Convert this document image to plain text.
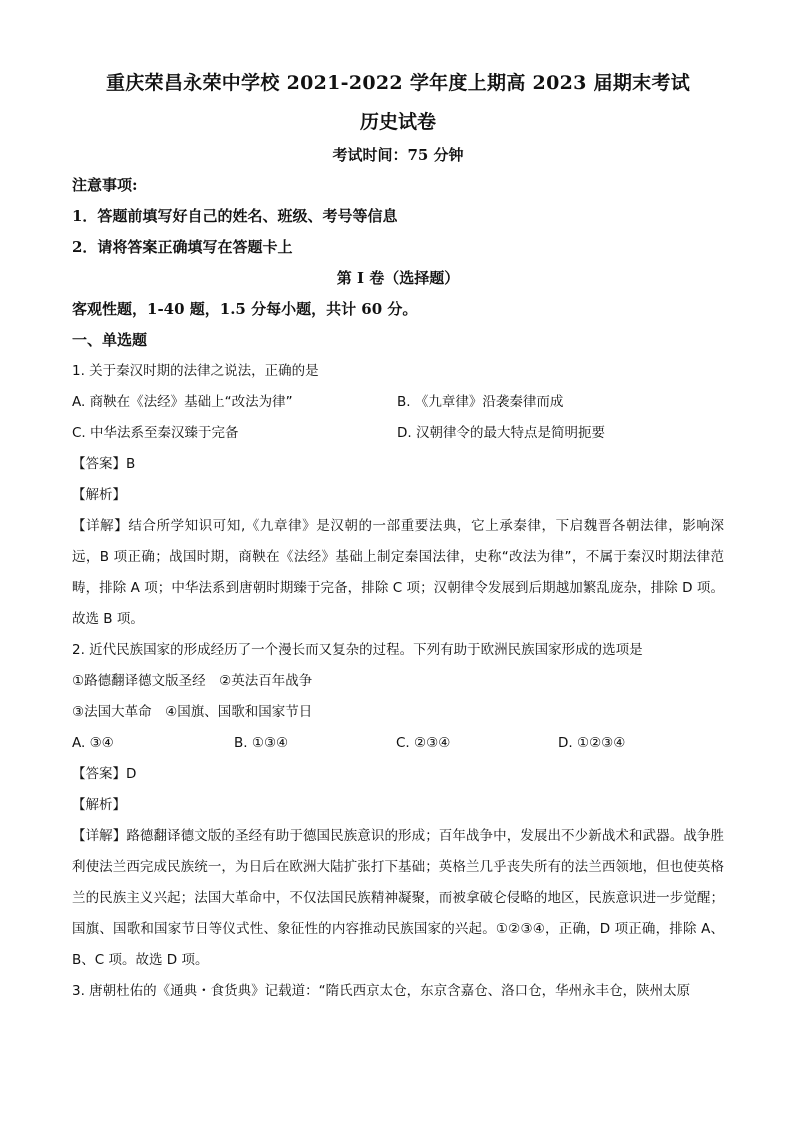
重庆荣昌永荣中学校 2021-2022 学年度上期高 2023 届期末考试
历史试卷

考试时间：75 分钟

注意事项:

1．答题前填写好自己的姓名、班级、考号等信息

2．请将答案正确填写在答题卡上

第 I 卷（选择题）

客观性题，1-40 题，1.5 分每小题，共计 60 分。

一、单选题

1. 关于秦汉时期的法律之说法，正确的是

A. 商鞅在《法经》基础上“改法为律”	B. 《九章律》沿袭秦律而成
C. 中华法系至秦汉臻于完备	D. 汉朝律令的最大特点是简明扼要

【答案】B

【解析】

【详解】结合所学知识可知,《九章律》是汉朝的一部重要法典，它上承秦律，下启魏晋各朝法律，影响深远，B 项正确；战国时期，商鞅在《法经》基础上制定秦国法律，史称“改法为律”，不属于秦汉时期法律范畴，排除 A 项；中华法系到唐朝时期臻于完备，排除 C 项；汉朝律令发展到后期越加繁乱庞杂，排除 D 项。故选 B 项。

2. 近代民族国家的形成经历了一个漫长而又复杂的过程。下列有助于欧洲民族国家形成的选项是

①路德翻译德文版圣经　②英法百年战争

③法国大革命　④国旗、国歌和国家节日

A. ③④	B. ①③④	C. ②③④	D. ①②③④

【答案】D

【解析】

【详解】路德翻译德文版的圣经有助于德国民族意识的形成；百年战争中，发展出不少新战术和武器。战争胜利使法兰西完成民族统一，为日后在欧洲大陆扩张打下基础；英格兰几乎丧失所有的法兰西领地，但也使英格兰的民族主义兴起；法国大革命中，不仅法国民族精神凝聚，而被拿破仑侵略的地区，民族意识进一步觉醒；国旗、国歌和国家节日等仪式性、象征性的内容推动民族国家的兴起。①②③④，正确，D 项正确，排除 A、B、C 项。故选 D 项。

3. 唐朝杜佑的《通典・食货典》记载道：“隋氏西京太仓，东京含嘉仓、洛口仓，华州永丰仓，陕州太原
